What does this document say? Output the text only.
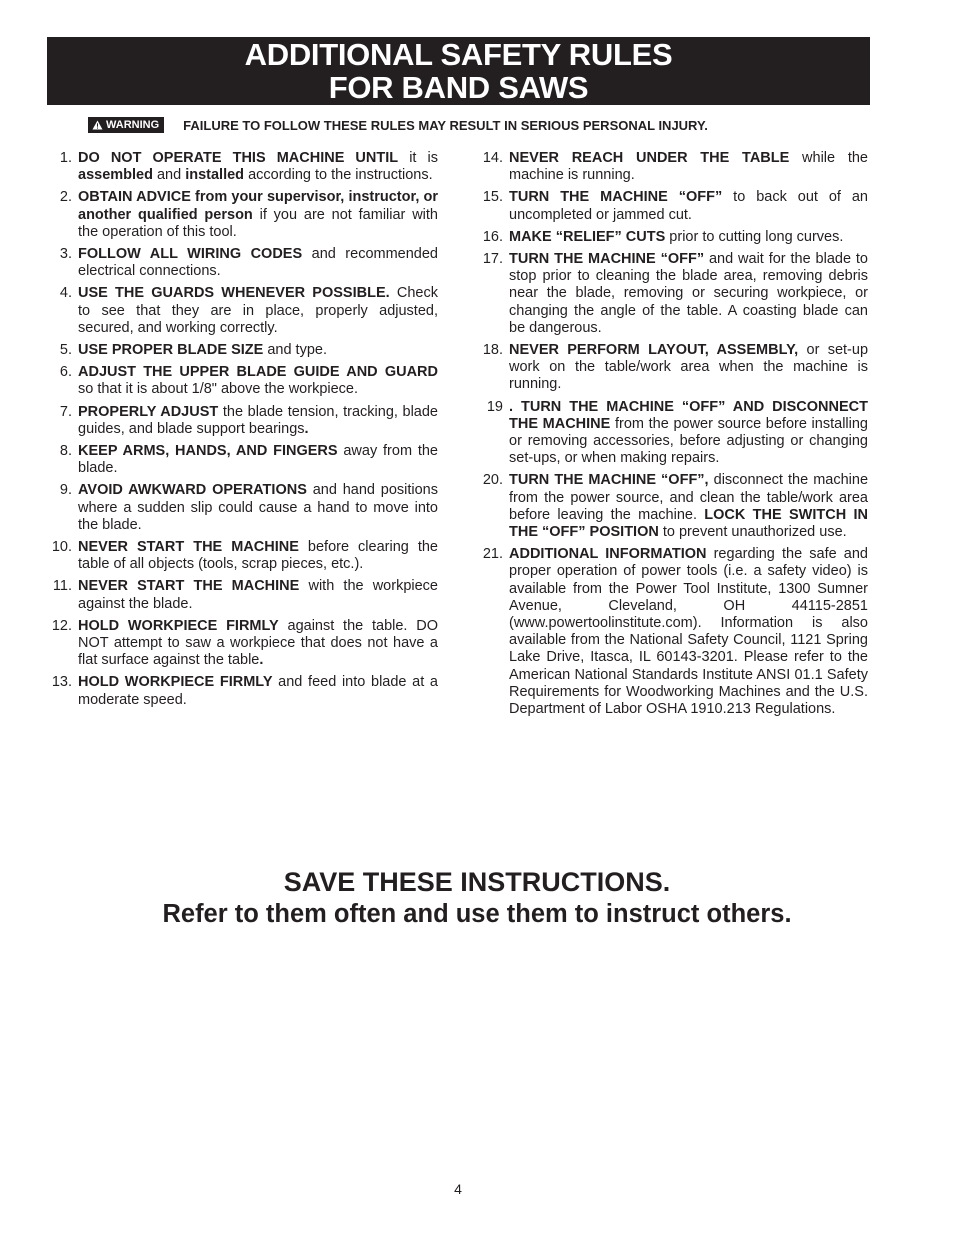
ADDITIONAL SAFETY RULES
FOR BAND SAWS
WARNING FAILURE TO FOLLOW THESE RULES MAY RESULT IN SERIOUS PERSONAL INJURY.
1. DO NOT OPERATE THIS MACHINE UNTIL it is assembled and installed according to the instructions.
2. OBTAIN ADVICE from your supervisor, instructor, or another qualified person if you are not familiar with the operation of this tool.
3. FOLLOW ALL WIRING CODES and recommended electrical connections.
4. USE THE GUARDS WHENEVER POSSIBLE. Check to see that they are in place, properly adjusted, secured, and working correctly.
5. USE PROPER BLADE SIZE and type.
6. ADJUST THE UPPER BLADE GUIDE AND GUARD so that it is about 1/8" above the workpiece.
7. PROPERLY ADJUST the blade tension, tracking, blade guides, and blade support bearings.
8. KEEP ARMS, HANDS, AND FINGERS away from the blade.
9. AVOID AWKWARD OPERATIONS and hand positions where a sudden slip could cause a hand to move into the blade.
10. NEVER START THE MACHINE before clearing the table of all objects (tools, scrap pieces, etc.).
11. NEVER START THE MACHINE with the workpiece against the blade.
12. HOLD WORKPIECE FIRMLY against the table. DO NOT attempt to saw a workpiece that does not have a flat surface against the table.
13. HOLD WORKPIECE FIRMLY and feed into blade at a moderate speed.
14. NEVER REACH UNDER THE TABLE while the machine is running.
15. TURN THE MACHINE “OFF” to back out of an uncompleted or jammed cut.
16. MAKE “RELIEF” CUTS prior to cutting long curves.
17. TURN THE MACHINE “OFF” and wait for the blade to stop prior to cleaning the blade area, removing debris near the blade, removing or securing workpiece, or changing the angle of the table. A coasting blade can be dangerous.
18. NEVER PERFORM LAYOUT, ASSEMBLY, or set-up work on the table/work area when the machine is running.
19 . TURN THE MACHINE “OFF” AND DISCONNECT THE MACHINE from the power source before installing or removing accessories, before adjusting or changing set-ups, or when making repairs.
20. TURN THE MACHINE “OFF”, disconnect the machine from the power source, and clean the table/work area before leaving the machine. LOCK THE SWITCH IN THE “OFF” POSITION to prevent unauthorized use.
21. ADDITIONAL INFORMATION regarding the safe and proper operation of power tools (i.e. a safety video) is available from the Power Tool Institute, 1300 Sumner Avenue, Cleveland, OH 44115-2851 (www.powertoolinstitute.com). Information is also available from the National Safety Council, 1121 Spring Lake Drive, Itasca, IL 60143-3201. Please refer to the American National Standards Institute ANSI 01.1 Safety Requirements for Woodworking Machines and the U.S. Department of Labor OSHA 1910.213 Regulations.
SAVE THESE INSTRUCTIONS.
Refer to them often and use them to instruct others.
4
